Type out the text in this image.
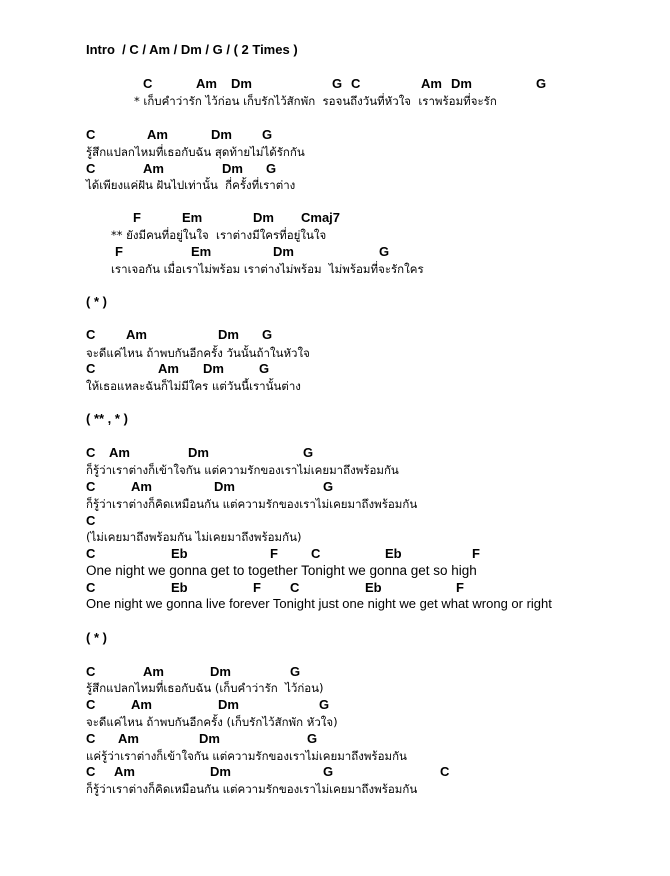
Intro  / C / Am / Dm / G / ( 2 Times )

C

	Am

Dm

	G

C

	Am

Dm

	G

* เก็บคำว่ารัก ไว้ก่อน เก็บรักไว้สักพัก  รอจนถึงวันที่หัวใจ  เราพร้อมที่จะรัก

C

	Am

	Dm

G

รู้สึกแปลกไหมที่เธอกับฉัน สุดท้ายไม่ได้รักกัน

C

	Am

	Dm

G

ได้เพียงแค่ฝัน ฝันไปเท่านั้น  กี่ครั้งที่เราต่าง

F

	Em

	Dm

Cmaj7

** ยังมีคนที่อยู่ในใจ  เราต่างมีใครที่อยู่ในใจ

F

	Em

	Dm

	G

เราเจอกัน เมื่อเราไม่พร้อม เราต่างไม่พร้อม  ไม่พร้อมที่จะรักใคร
( * )

C

Am

	Dm

G

จะดีแค่ไหน ถ้าพบกันอีกครั้ง วันนั้นถ้าในหัวใจ

C

	Am

Dm

	G

ให้เธอแหละฉันก็ไม่มีใคร แต่วันนี้เรานั้นต่าง
( ** , * )

C

Am

	Dm

	G

ก็รู้ว่าเราต่างก็เข้าใจกัน แต่ความรักของเราไม่เคยมาถึงพร้อมกัน

C

	Am

	Dm

	G

ก็รู้ว่าเราต่างก็คิดเหมือนกัน แต่ความรักของเราไม่เคยมาถึงพร้อมกัน

C

(ไม่เคยมาถึงพร้อมกัน ไม่เคยมาถึงพร้อมกัน)

C

	Eb

	F

	C

	Eb

	F

One night we gonna get to together Tonight we gonna get so high

C

	Eb

	F

C

	Eb

	F

One night we gonna live forever Tonight just one night we get what wrong or right
( * )

C

	Am

	Dm

	G

รู้สึกแปลกไหมที่เธอกับฉัน (เก็บคำว่ารัก  ไว้ก่อน)

C

	Am

	Dm

	G

จะดีแค่ไหน ถ้าพบกันอีกครั้ง (เก็บรักไว้สักพัก หัวใจ)

C

Am

	Dm

	G

แค่รู้ว่าเราต่างก็เข้าใจกัน แต่ความรักของเราไม่เคยมาถึงพร้อมกัน

C

Am

	Dm

	G

	C

ก็รู้ว่าเราต่างก็คิดเหมือนกัน แต่ความรักของเราไม่เคยมาถึงพร้อมกัน
